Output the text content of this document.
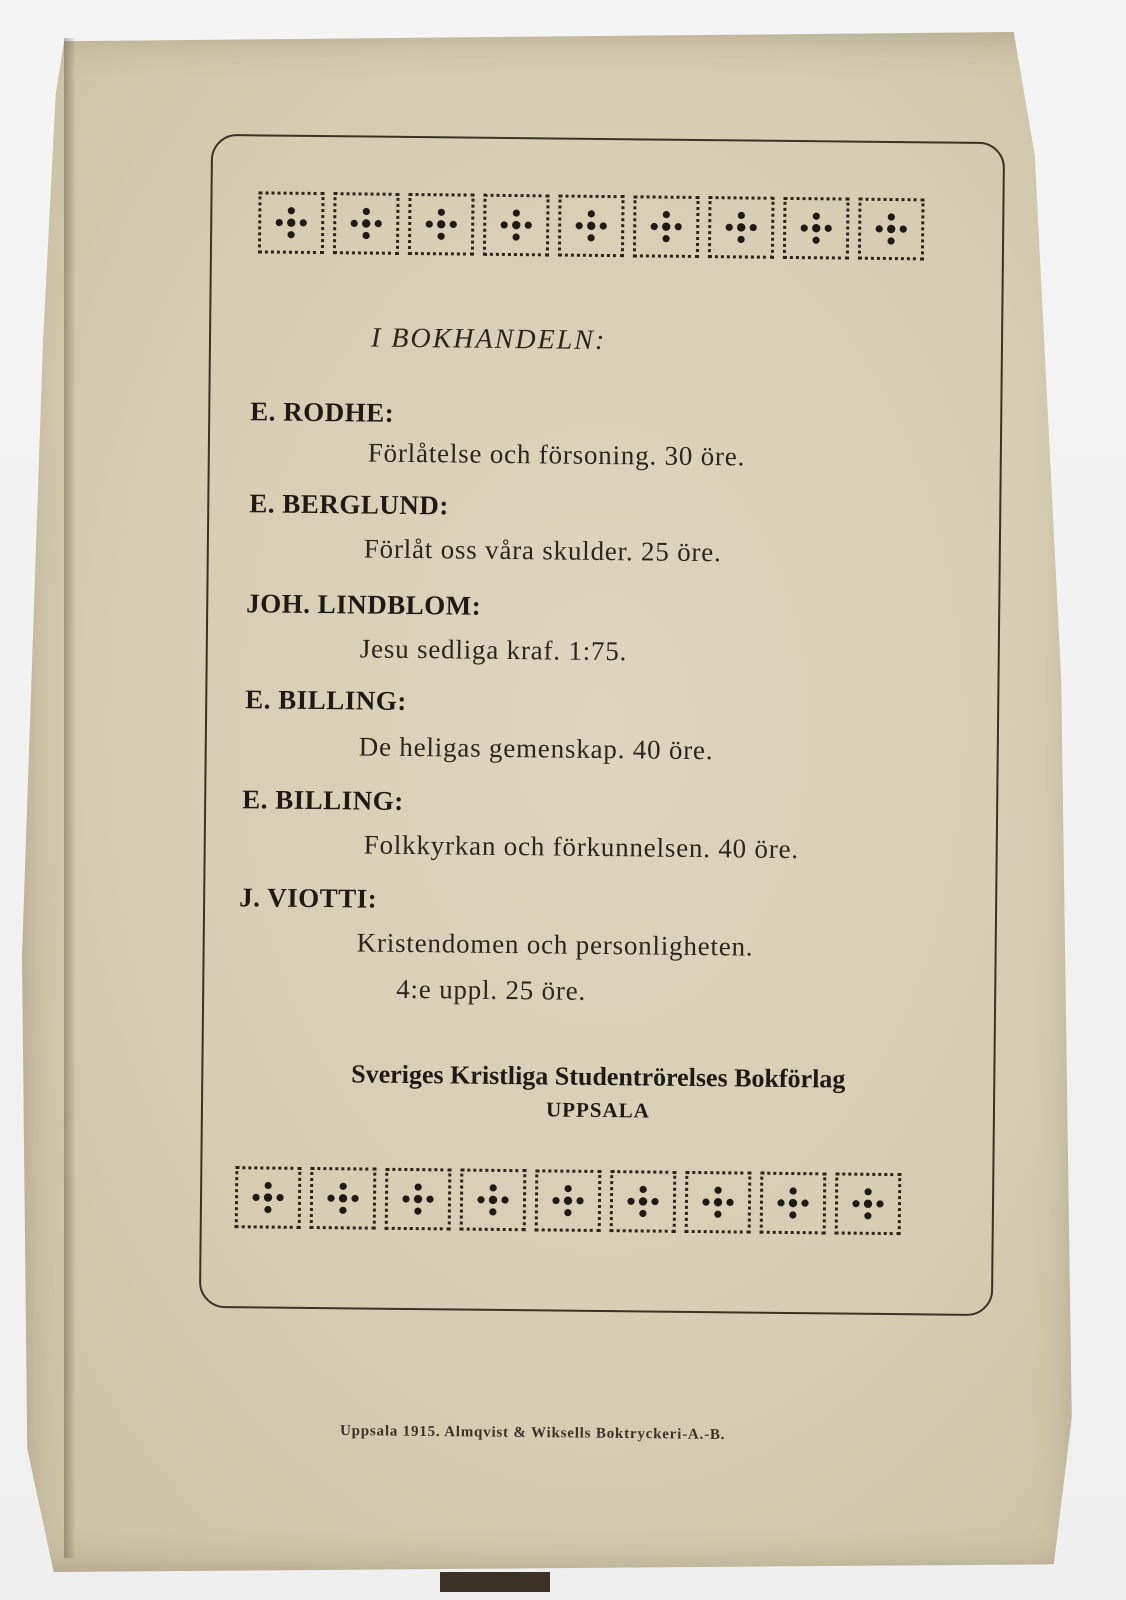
I BOKHANDELN:
E. RODHE:
Förlåtelse och försoning. 30 öre.
E. BERGLUND:
Förlåt oss våra skulder. 25 öre.
JOH. LINDBLOM:
Jesu sedliga kraf. 1:75.
E. BILLING:
De heligas gemenskap. 40 öre.
E. BILLING:
Folkkyrkan och förkunnelsen. 40 öre.
J. VIOTTI:
Kristendomen och personligheten.
4:e uppl. 25 öre.
Sveriges Kristliga Studentrörelses Bokförlag
UPPSALA
Uppsala 1915. Almqvist & Wiksells Boktryckeri-A.-B.
